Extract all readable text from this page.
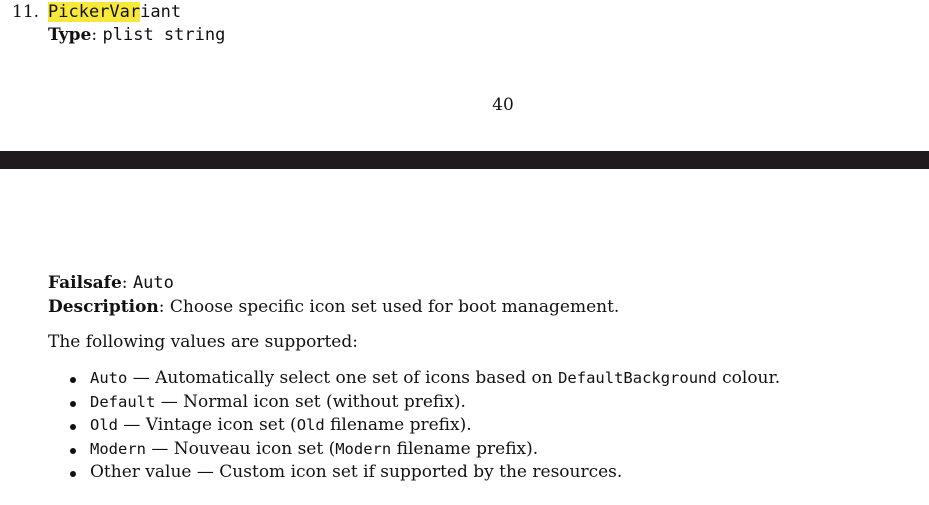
11. PickerVariant
Type: plist string
40
Failsafe: Auto
Description: Choose specific icon set used for boot management.
The following values are supported:
Auto — Automatically select one set of icons based on DefaultBackground colour.
Default — Normal icon set (without prefix).
Old — Vintage icon set (Old filename prefix).
Modern — Nouveau icon set (Modern filename prefix).
Other value — Custom icon set if supported by the resources.
